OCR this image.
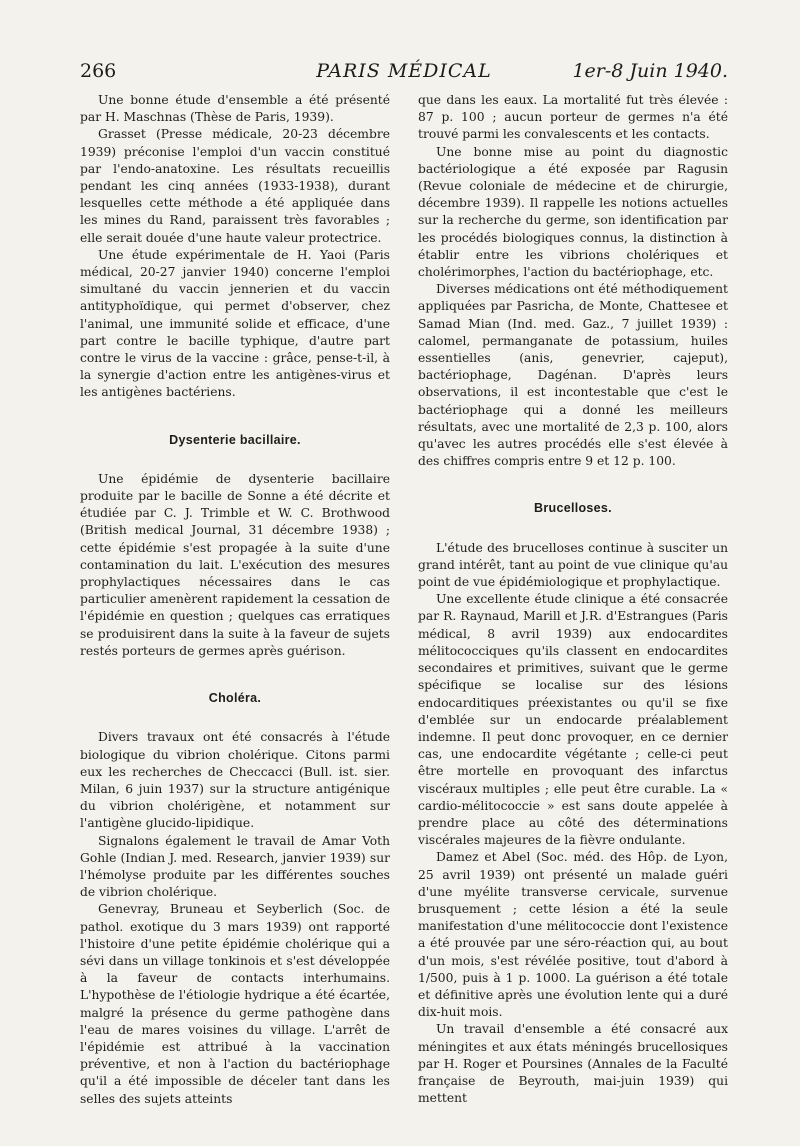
266	PARIS MÉDICAL	1er-8 Juin 1940.

Une bonne étude d'ensemble a été présenté par H. Maschnas (Thèse de Paris, 1939).

Grasset (Presse médicale, 20-23 décembre 1939) préconise l'emploi d'un vaccin constitué par l'endo-anatoxine. Les résultats recueillis pendant les cinq années (1933-1938), durant lesquelles cette méthode a été appliquée dans les mines du Rand, paraissent très favorables ; elle serait douée d'une haute valeur protectrice.

Une étude expérimentale de H. Yaoi (Paris médical, 20-27 janvier 1940) concerne l'emploi simultané du vaccin jennerien et du vaccin antityphoïdique, qui permet d'observer, chez l'animal, une immunité solide et efficace, d'une part contre le bacille typhique, d'autre part contre le virus de la vaccine : grâce, pense-t-il, à la synergie d'action entre les antigènes-virus et les antigènes bactériens.

Dysenterie bacillaire.

Une épidémie de dysenterie bacillaire produite par le bacille de Sonne a été décrite et étudiée par C. J. Trimble et W. C. Brothwood (British medical Journal, 31 décembre 1938) ; cette épidémie s'est propagée à la suite d'une contamination du lait. L'exécution des mesures prophylactiques nécessaires dans le cas particulier amenèrent rapidement la cessation de l'épidémie en question ; quelques cas erratiques se produisirent dans la suite à la faveur de sujets restés porteurs de germes après guérison.

Choléra.

Divers travaux ont été consacrés à l'étude biologique du vibrion cholérique. Citons parmi eux les recherches de Checcacci (Bull. ist. sier. Milan, 6 juin 1937) sur la structure antigénique du vibrion cholérigène, et notamment sur l'antigène glucido-lipidique.

Signalons également le travail de Amar Voth Gohle (Indian J. med. Research, janvier 1939) sur l'hémolyse produite par les différentes souches de vibrion cholérique.

Genevray, Bruneau et Seyberlich (Soc. de pathol. exotique du 3 mars 1939) ont rapporté l'histoire d'une petite épidémie cholérique qui a sévi dans un village tonkinois et s'est développée à la faveur de contacts interhumains. L'hypothèse de l'étiologie hydrique a été écartée, malgré la présence du germe pathogène dans l'eau de mares voisines du village. L'arrêt de l'épidémie est attribué à la vaccination préventive, et non à l'action du bactériophage qu'il a été impossible de déceler tant dans les selles des sujets atteints

que dans les eaux. La mortalité fut très élevée : 87 p. 100 ; aucun porteur de germes n'a été trouvé parmi les convalescents et les contacts.

Une bonne mise au point du diagnostic bactériologique a été exposée par Ragusin (Revue coloniale de médecine et de chirurgie, décembre 1939). Il rappelle les notions actuelles sur la recherche du germe, son identification par les procédés biologiques connus, la distinction à établir entre les vibrions cholériques et cholérimorphes, l'action du bactériophage, etc.

Diverses médications ont été méthodiquement appliquées par Pasricha, de Monte, Chattesee et Samad Mian (Ind. med. Gaz., 7 juillet 1939) : calomel, permanganate de potassium, huiles essentielles (anis, genevrier, cajeput), bactériophage, Dagénan. D'après leurs observations, il est incontestable que c'est le bactériophage qui a donné les meilleurs résultats, avec une mortalité de 2,3 p. 100, alors qu'avec les autres procédés elle s'est élevée à des chiffres compris entre 9 et 12 p. 100.

Brucelloses.

L'étude des brucelloses continue à susciter un grand intérêt, tant au point de vue clinique qu'au point de vue épidémiologique et prophylactique.

Une excellente étude clinique a été consacrée par R. Raynaud, Marill et J.R. d'Estrangues (Paris médical, 8 avril 1939) aux endocardites mélitococciques qu'ils classent en endocardites secondaires et primitives, suivant que le germe spécifique se localise sur des lésions endocarditiques préexistantes ou qu'il se fixe d'emblée sur un endocarde préalablement indemne. Il peut donc provoquer, en ce dernier cas, une endocardite végétante ; celle-ci peut être mortelle en provoquant des infarctus viscéraux multiples ; elle peut être curable. La « cardio-mélitococcie » est sans doute appelée à prendre place au côté des déterminations viscérales majeures de la fièvre ondulante.

Damez et Abel (Soc. méd. des Hôp. de Lyon, 25 avril 1939) ont présenté un malade guéri d'une myélite transverse cervicale, survenue brusquement ; cette lésion a été la seule manifestation d'une mélitococcie dont l'existence a été prouvée par une séro-réaction qui, au bout d'un mois, s'est révélée positive, tout d'abord à 1/500, puis à 1 p. 1000. La guérison a été totale et définitive après une évolution lente qui a duré dix-huit mois.

Un travail d'ensemble a été consacré aux méningites et aux états méningés brucellosiques par H. Roger et Poursines (Annales de la Faculté française de Beyrouth, mai-juin 1939) qui mettent
